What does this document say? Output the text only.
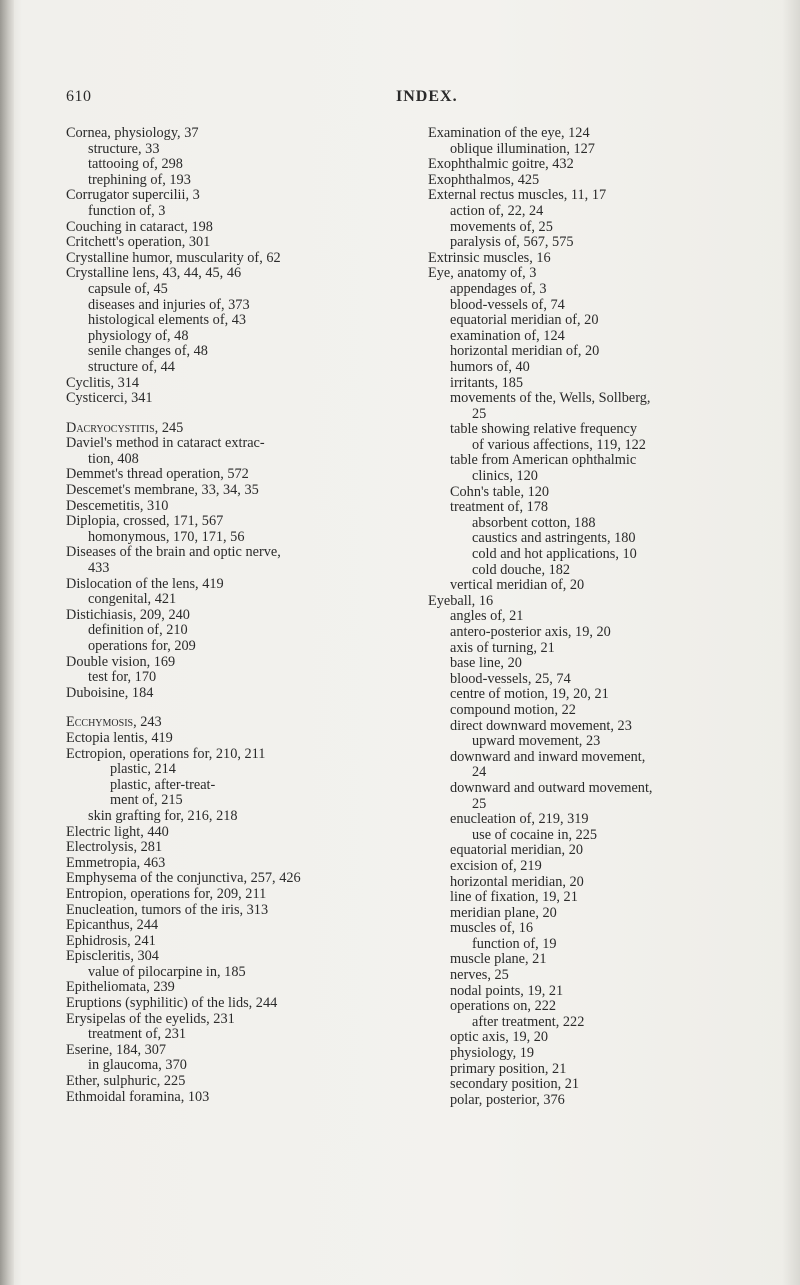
610	INDEX.
Cornea, physiology, 37
structure, 33
tattooing of, 298
trephining of, 193
Corrugator supercilii, 3
function of, 3
Couching in cataract, 198
Critchett's operation, 301
Crystalline humor, muscularity of, 62
Crystalline lens, 43, 44, 45, 46
capsule of, 45
diseases and injuries of, 373
histological elements of, 43
physiology of, 48
senile changes of, 48
structure of, 44
Cyclitis, 314
Cysticerci, 341
Dacryocystitis, 245
Daviel's method in cataract extrac-
tion, 408
Demmet's thread operation, 572
Descemet's membrane, 33, 34, 35
Descemetitis, 310
Diplopia, crossed, 171, 567
homonymous, 170, 171, 56
Diseases of the brain and optic nerve,
433
Dislocation of the lens, 419
congenital, 421
Distichiasis, 209, 240
definition of, 210
operations for, 209
Double vision, 169
test for, 170
Duboisine, 184
Ecchymosis, 243
Ectopia lentis, 419
Ectropion, operations for, 210, 211
plastic, 214
plastic, after-treat-
ment of, 215
skin grafting for, 216, 218
Electric light, 440
Electrolysis, 281
Emmetropia, 463
Emphysema of the conjunctiva, 257, 426
Entropion, operations for, 209, 211
Enucleation, tumors of the iris, 313
Epicanthus, 244
Ephidrosis, 241
Episcleritis, 304
value of pilocarpine in, 185
Epitheliomata, 239
Eruptions (syphilitic) of the lids, 244
Erysipelas of the eyelids, 231
treatment of, 231
Eserine, 184, 307
in glaucoma, 370
Ether, sulphuric, 225
Ethmoidal foramina, 103
Examination of the eye, 124
oblique illumination, 127
Exophthalmic goitre, 432
Exophthalmos, 425
External rectus muscles, 11, 17
action of, 22, 24
movements of, 25
paralysis of, 567, 575
Extrinsic muscles, 16
Eye, anatomy of, 3
appendages of, 3
blood-vessels of, 74
equatorial meridian of, 20
examination of, 124
horizontal meridian of, 20
humors of, 40
irritants, 185
movements of the, Wells, Sollberg,
25
table showing relative frequency
of various affections, 119, 122
table from American ophthalmic
clinics, 120
Cohn's table, 120
treatment of, 178
absorbent cotton, 188
caustics and astringents, 180
cold and hot applications, 10
cold douche, 182
vertical meridian of, 20
Eyeball, 16
angles of, 21
antero-posterior axis, 19, 20
axis of turning, 21
base line, 20
blood-vessels, 25, 74
centre of motion, 19, 20, 21
compound motion, 22
direct downward movement, 23
upward movement, 23
downward and inward movement,
24
downward and outward movement,
25
enucleation of, 219, 319
use of cocaine in, 225
equatorial meridian, 20
excision of, 219
horizontal meridian, 20
line of fixation, 19, 21
meridian plane, 20
muscles of, 16
function of, 19
muscle plane, 21
nerves, 25
nodal points, 19, 21
operations on, 222
after treatment, 222
optic axis, 19, 20
physiology, 19
primary position, 21
secondary position, 21
polar, posterior, 376
